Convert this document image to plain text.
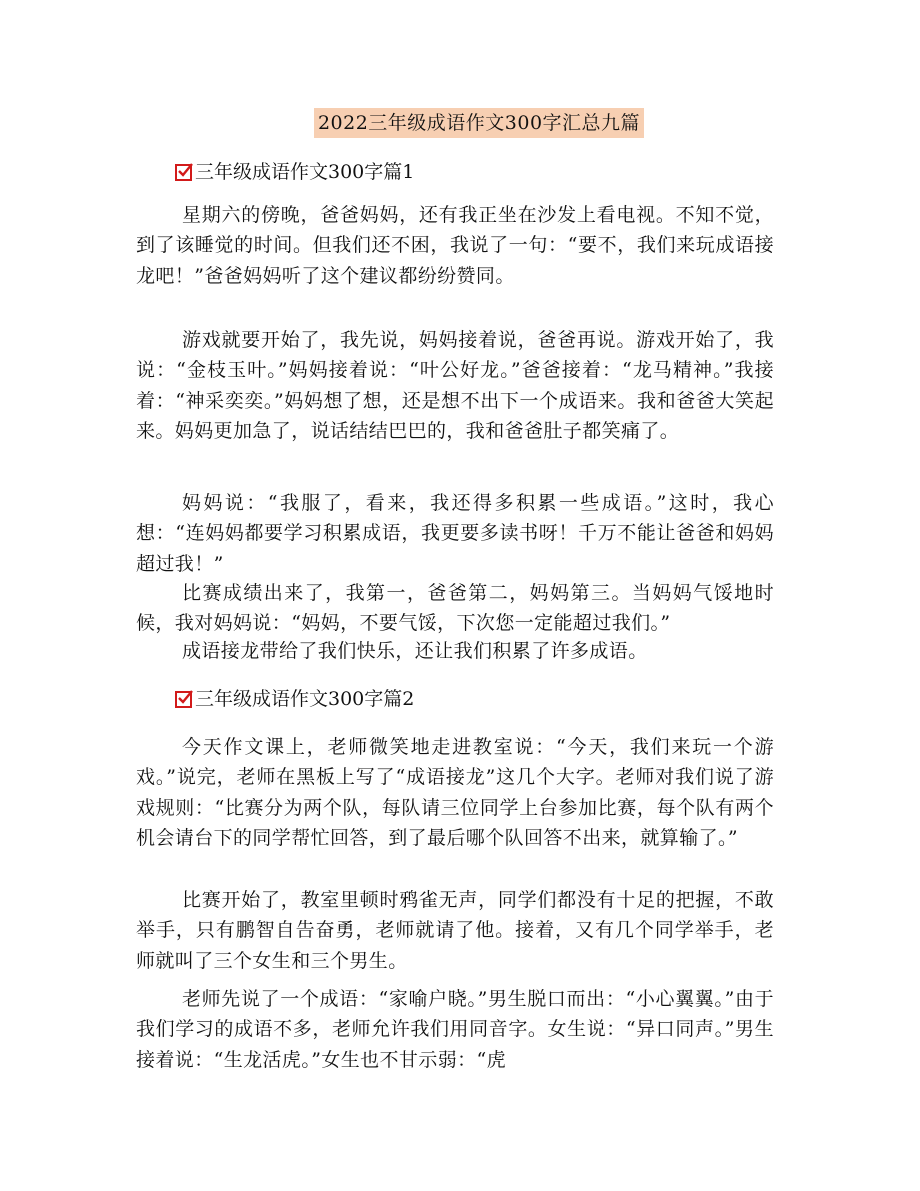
2022三年级成语作文300字汇总九篇
三年级成语作文300字篇1

星期六的傍晚，爸爸妈妈，还有我正坐在沙发上看电视。不知不觉，到了该睡觉的时间。但我们还不困，我说了一句：“要不，我们来玩成语接龙吧！”爸爸妈妈听了这个建议都纷纷赞同。

游戏就要开始了，我先说，妈妈接着说，爸爸再说。游戏开始了，我说：“金枝玉叶。”妈妈接着说：“叶公好龙。”爸爸接着：“龙马精神。”我接着：“神采奕奕。”妈妈想了想，还是想不出下一个成语来。我和爸爸大笑起来。妈妈更加急了，说话结结巴巴的，我和爸爸肚子都笑痛了。

妈妈说：“我服了，看来，我还得多积累一些成语。”这时，我心想：“连妈妈都要学习积累成语，我更要多读书呀！千万不能让爸爸和妈妈超过我！”

比赛成绩出来了，我第一，爸爸第二，妈妈第三。当妈妈气馁地时候，我对妈妈说：“妈妈，不要气馁，下次您一定能超过我们。”

成语接龙带给了我们快乐，还让我们积累了许多成语。

三年级成语作文300字篇2

今天作文课上，老师微笑地走进教室说：“今天，我们来玩一个游戏。”说完，老师在黑板上写了“成语接龙”这几个大字。老师对我们说了游戏规则：“比赛分为两个队，每队请三位同学上台参加比赛，每个队有两个机会请台下的同学帮忙回答，到了最后哪个队回答不出来，就算输了。”

比赛开始了，教室里顿时鸦雀无声，同学们都没有十足的把握，不敢举手，只有鹏智自告奋勇，老师就请了他。接着，又有几个同学举手，老师就叫了三个女生和三个男生。

老师先说了一个成语：“家喻户晓。”男生脱口而出：“小心翼翼。”由于我们学习的成语不多，老师允许我们用同音字。女生说：“异口同声。”男生接着说：“生龙活虎。”女生也不甘示弱：“虎
